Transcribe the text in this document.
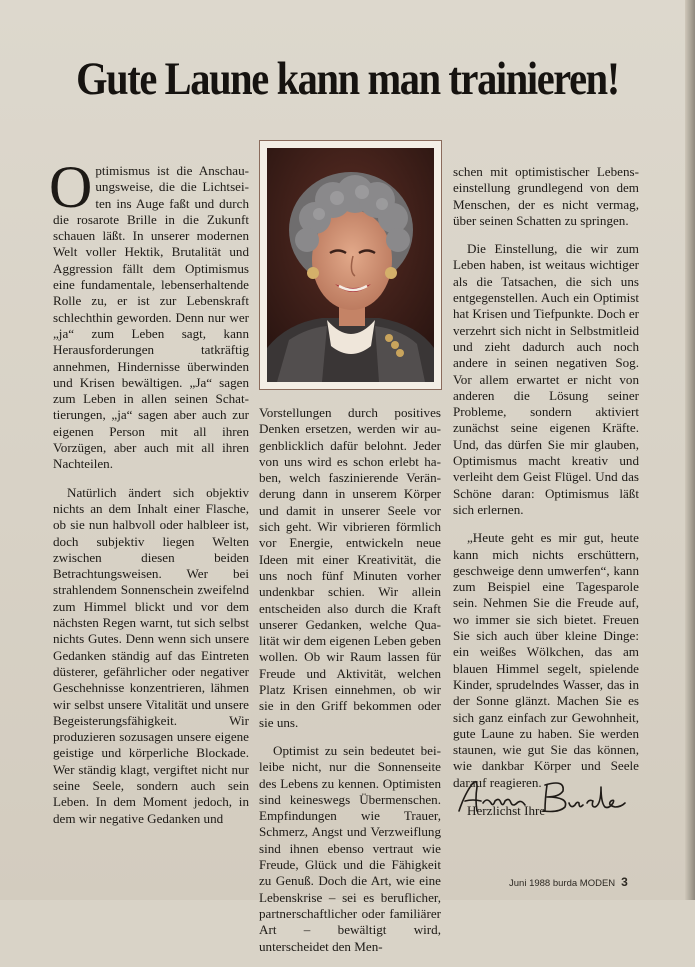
Gute Laune kann man trainieren!

Optimismus ist die Anschauungsweise, die die Lichtseiten ins Auge faßt und durch die rosarote Brille in die Zukunft schauen läßt. In unserer modernen Welt voller Hektik, Brutalität und Aggression fällt dem Optimismus eine fundamentale, lebenserhaltende Rolle zu, er ist zur Lebenskraft schlechthin geworden. Denn nur wer „ja“ zum Leben sagt, kann Herausforderungen tatkräftig annehmen, Hindernisse überwinden und Krisen bewältigen. „Ja“ sagen zum Leben in allen seinen Schattierungen, „ja“ sagen aber auch zur eigenen Person mit all ihren Vorzügen, aber auch mit all ihren Nachteilen.

Natürlich ändert sich objektiv nichts an dem Inhalt einer Flasche, ob sie nun halbvoll oder halbleer ist, doch subjektiv liegen Welten zwischen diesen beiden Betrachtungsweisen. Wer bei strahlendem Sonnenschein zweifelnd zum Himmel blickt und vor dem nächsten Regen warnt, tut sich selbst nichts Gutes. Denn wenn sich unsere Gedanken ständig auf das Eintreten düsterer, gefährlicher oder negativer Geschehnisse konzentrieren, lähmen wir selbst unsere Vitalität und unsere Begeisterungsfähigkeit. Wir produzieren sozusagen unsere eigene geistige und körperliche Blockade. Wer ständig klagt, vergiftet nicht nur seine Seele, sondern auch sein Leben. In dem Moment jedoch, in dem wir negative Gedanken und

Vorstellungen durch positives Denken ersetzen, werden wir augenblicklich dafür belohnt. Jeder von uns wird es schon erlebt haben, welch faszinierende Veränderung dann in unserem Körper und damit in unserer Seele vor sich geht. Wir vibrieren förmlich vor Energie, entwickeln neue Ideen mit einer Kreativität, die uns noch fünf Minuten vorher undenkbar schien. Wir allein entscheiden also durch die Kraft unserer Gedanken, welche Qualität wir dem eigenen Leben geben wollen. Ob wir Raum lassen für Freude und Aktivität, welchen Platz Krisen einnehmen, ob wir sie in den Griff bekommen oder sie uns.

Optimist zu sein bedeutet beileibe nicht, nur die Sonnenseite des Lebens zu kennen. Optimisten sind keineswegs Übermenschen. Empfindungen wie Trauer, Schmerz, Angst und Verzweiflung sind ihnen ebenso vertraut wie Freude, Glück und die Fähigkeit zu Genuß. Doch die Art, wie eine Lebenskrise – sei es beruflicher, partnerschaftlicher oder familiärer Art – bewältigt wird, unterscheidet den Men-

schen mit optimistischer Lebenseinstellung grundlegend von dem Menschen, der es nicht vermag, über seinen Schatten zu springen.

Die Einstellung, die wir zum Leben haben, ist weitaus wichtiger als die Tatsachen, die sich uns entgegenstellen. Auch ein Optimist hat Krisen und Tiefpunkte. Doch er verzehrt sich nicht in Selbstmitleid und zieht dadurch auch noch andere in seinen negativen Sog. Vor allem erwartet er nicht von anderen die Lösung seiner Probleme, sondern aktiviert zunächst seine eigenen Kräfte. Und, das dürfen Sie mir glauben, Optimismus macht kreativ und verleiht dem Geist Flügel. Und das Schöne daran: Optimismus läßt sich erlernen.

„Heute geht es mir gut, heute kann mich nichts erschüttern, geschweige denn umwerfen“, kann zum Beispiel eine Tagesparole sein. Nehmen Sie die Freude auf, wo immer sie sich bietet. Freuen Sie sich auch über kleine Dinge: ein weißes Wölkchen, das am blauen Himmel segelt, spielende Kinder, sprudelndes Wasser, das in der Sonne glänzt. Machen Sie es sich ganz einfach zur Gewohnheit, gute Laune zu haben. Sie werden staunen, wie gut Sie das können, wie dankbar Körper und Seele darauf reagieren.

Herzlichst Ihre

Juni 1988 burda MODEN 3
